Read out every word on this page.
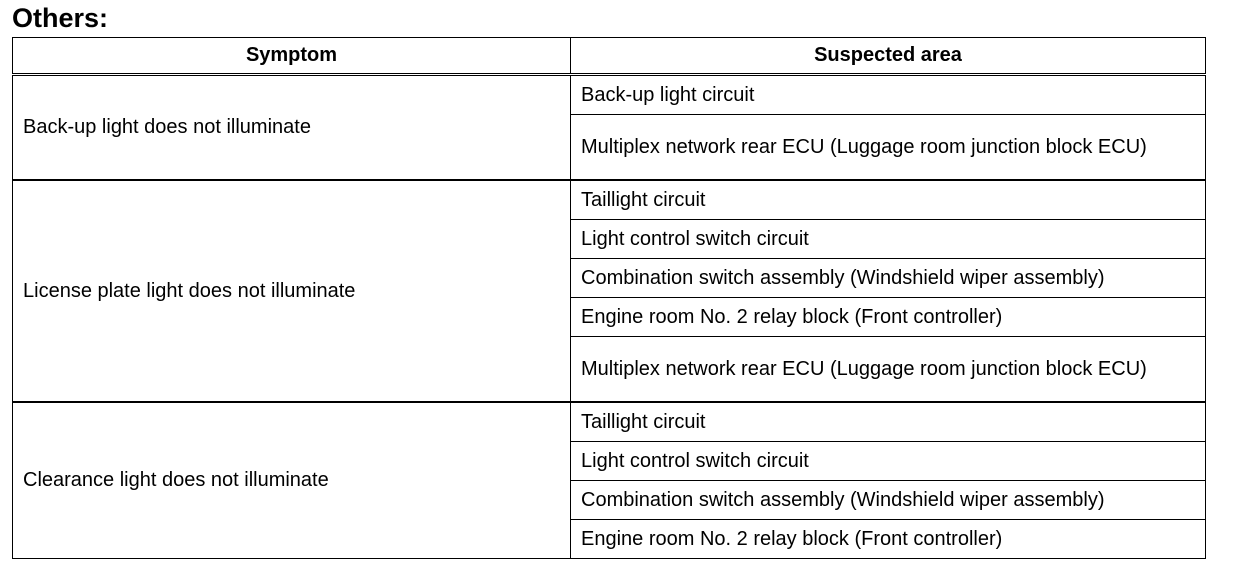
Others:
Symptom	Suspected area
Back-up light does not illuminate	Back-up light circuit
	Multiplex network rear ECU (Luggage room junction block ECU)
License plate light does not illuminate	Taillight circuit
	Light control switch circuit
	Combination switch assembly (Windshield wiper assembly)
	Engine room No. 2 relay block (Front controller)
	Multiplex network rear ECU (Luggage room junction block ECU)
Clearance light does not illuminate	Taillight circuit
	Light control switch circuit
	Combination switch assembly (Windshield wiper assembly)
	Engine room No. 2 relay block (Front controller)
